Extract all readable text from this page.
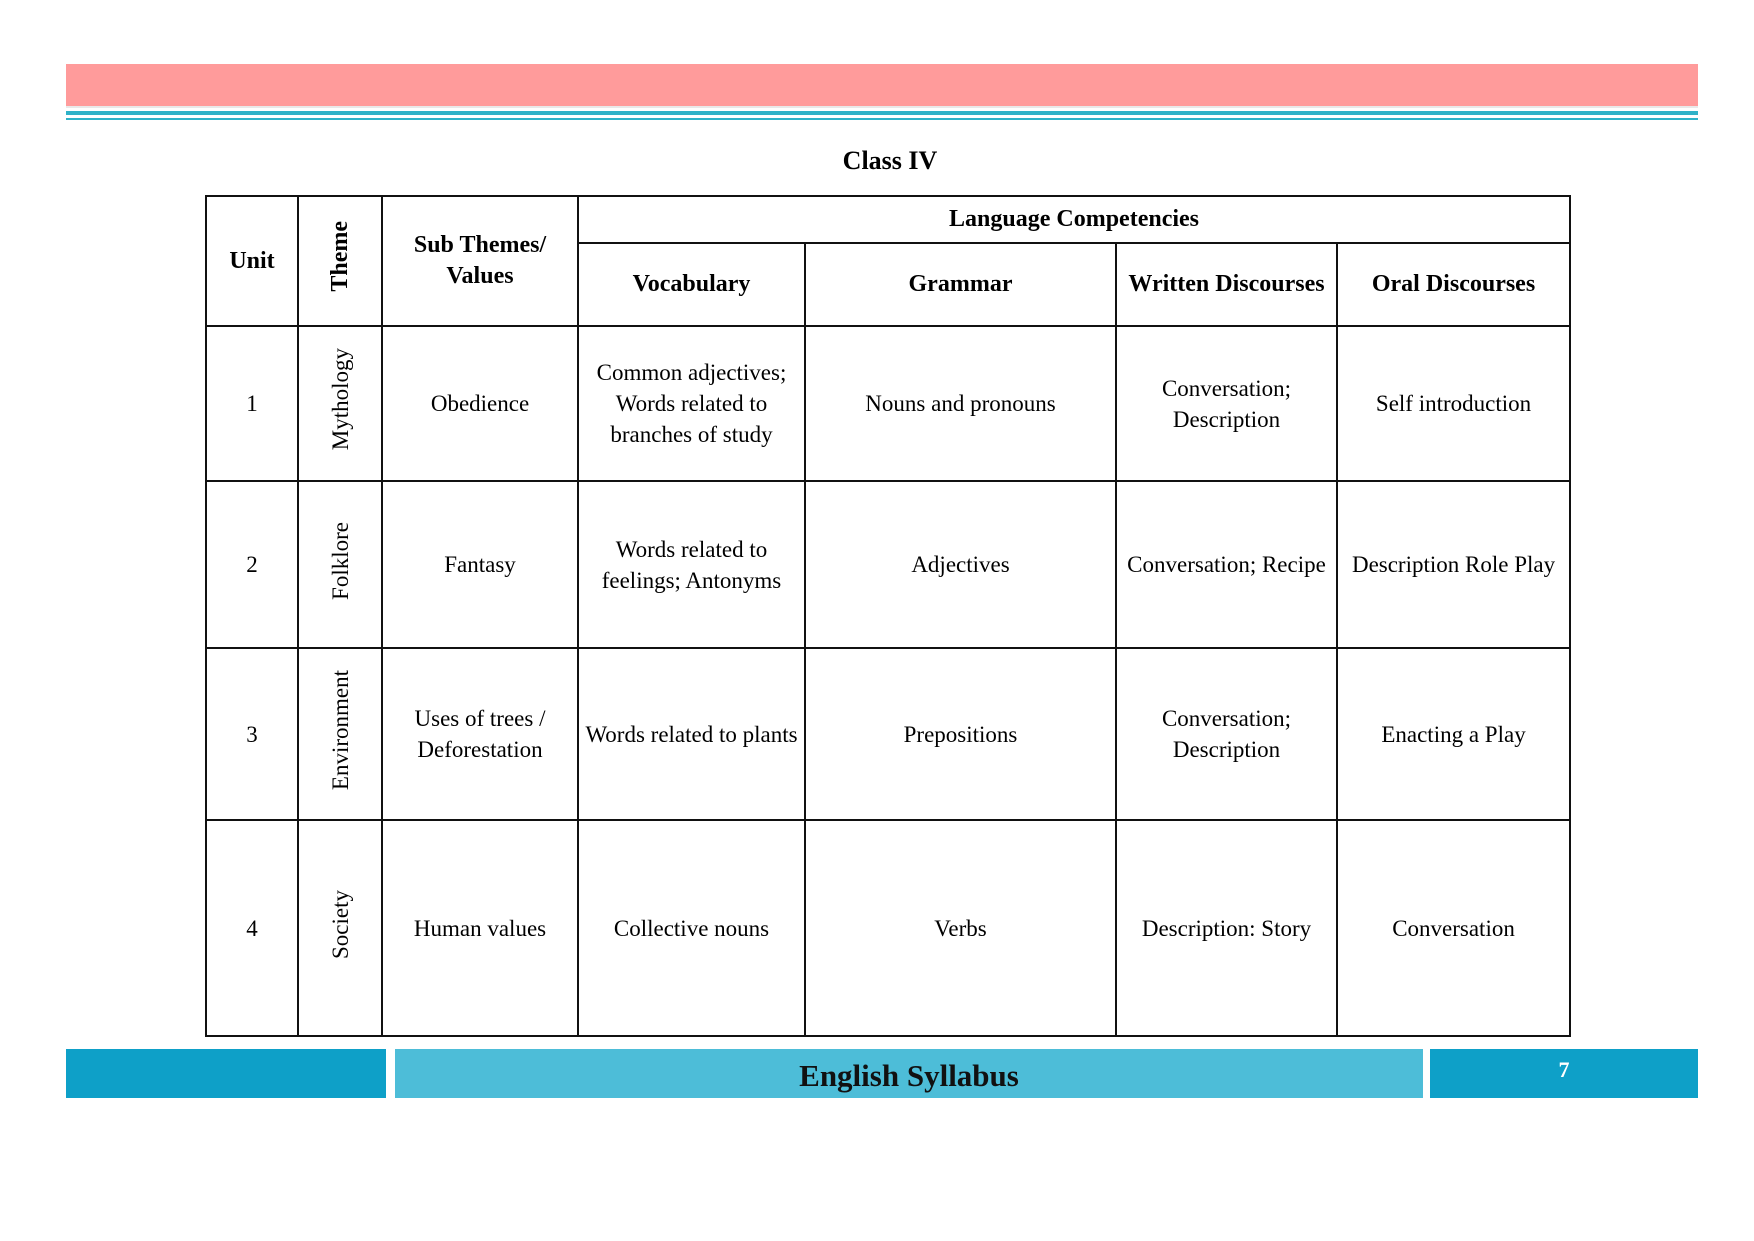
Class IV
Unit	Theme	Sub Themes/ Values	Language Competencies			
			Vocabulary	Grammar	Written Discourses	Oral Discourses
1	Mythology	Obedience	Common adjectives; Words related to branches of study	Nouns and pronouns	Conversation; Description	Self introduction
2	Folklore	Fantasy	Words related to feelings; Antonyms	Adjectives	Conversation; Recipe	Description Role Play
3	Environment	Uses of trees / Deforestation	Words related to plants	Prepositions	Conversation; Description	Enacting a Play
4	Society	Human values	Collective nouns	Verbs	Description: Story	Conversation
English Syllabus	7
